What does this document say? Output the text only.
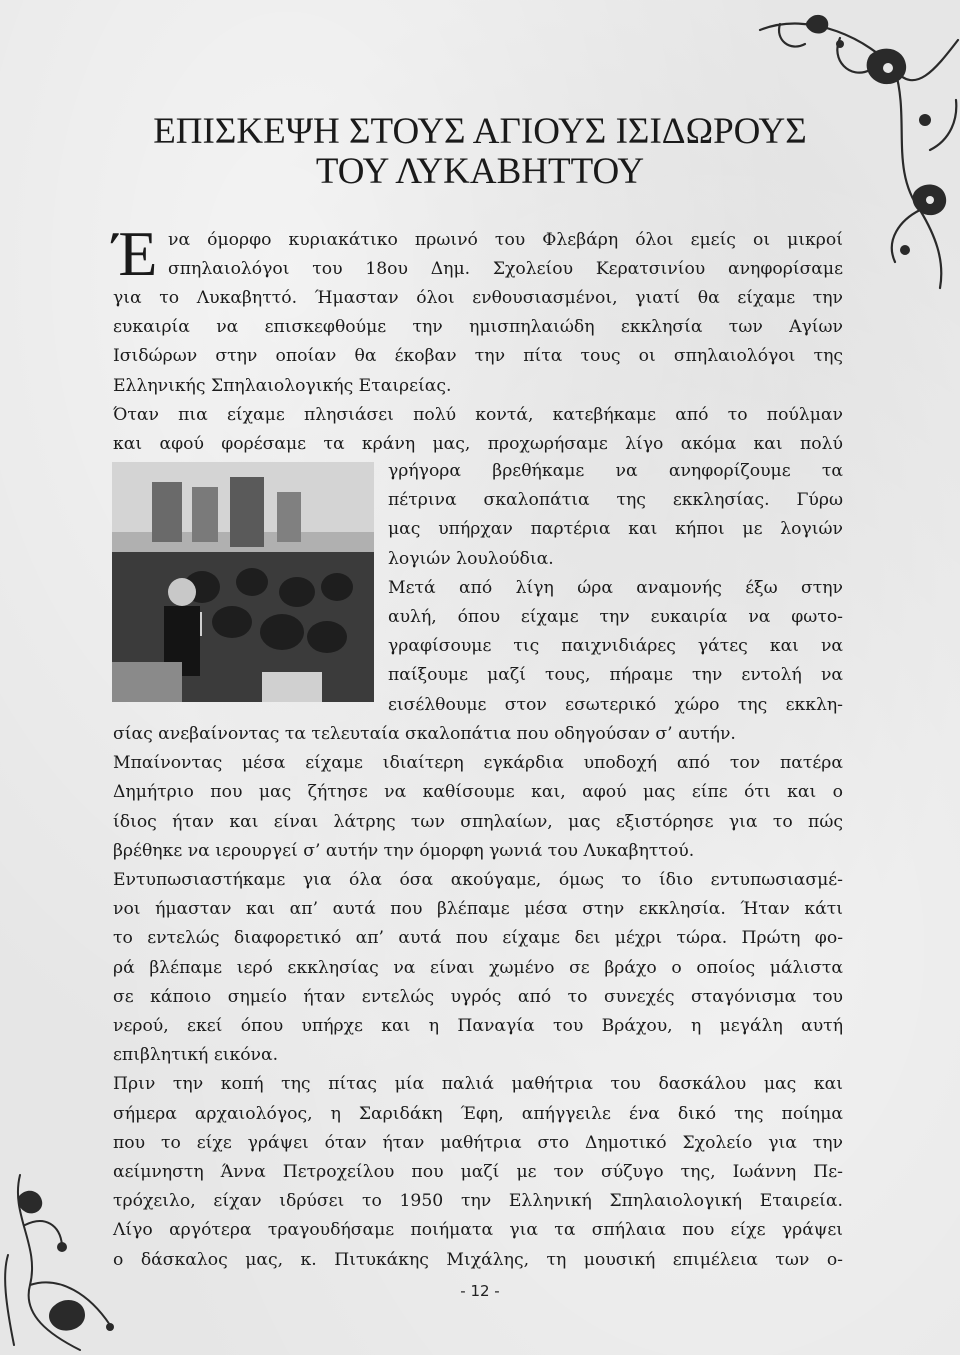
ΕΠΙΣΚΕΨΗ ΣΤΟΥΣ ΑΓΙΟΥΣ ΙΣΙΔΩΡΟΥΣ
ΤΟΥ ΛΥΚΑΒΗΤΤΟΥ
Έ να όμορφο κυριακάτικο πρωινό του Φλεβάρη όλοι εμείς οι μικροί
σπηλαιολόγοι του 18ου Δημ. Σχολείου Κερατσινίου ανηφορίσαμε

για το Λυκαβηττό. Ήμασταν όλοι ενθουσιασμένοι, γιατί θα είχαμε την
ευκαιρία να επισκεφθούμε την ημισπηλαιώδη εκκλησία των Αγίων
Ισιδώρων στην οποίαν θα έκοβαν την πίτα τους οι σπηλαιολόγοι της
Ελληνικής Σπηλαιολογικής Εταιρείας.
Όταν πια είχαμε πλησιάσει πολύ κοντά, κατεβήκαμε από το πούλμαν
και αφού φορέσαμε τα κράνη μας, προχωρήσαμε λίγο ακόμα και πολύ

γρήγορα βρεθήκαμε να ανηφορίζουμε τα
πέτρινα σκαλοπάτια της εκκλησίας. Γύρω
μας υπήρχαν παρτέρια και κήποι με λογιών
λογιών λουλούδια.
Μετά από λίγη ώρα αναμονής έξω στην
αυλή, όπου είχαμε την ευκαιρία να φωτο-
γραφίσουμε τις παιχνιδιάρες γάτες και να
παίξουμε μαζί τους, πήραμε την εντολή να
εισέλθουμε στον εσωτερικό χώρο της εκκλη-

σίας ανεβαίνοντας τα τελευταία σκαλοπάτια που οδηγούσαν σ’ αυτήν.
Μπαίνοντας μέσα είχαμε ιδιαίτερη εγκάρδια υποδοχή από τον πατέρα
Δημήτριο που μας ζήτησε να καθίσουμε και, αφού μας είπε ότι και ο
ίδιος ήταν και είναι λάτρης των σπηλαίων, μας εξιστόρησε για το πώς
βρέθηκε να ιερουργεί σ’ αυτήν την όμορφη γωνιά του Λυκαβηττού.
Εντυπωσιαστήκαμε για όλα όσα ακούγαμε, όμως το ίδιο εντυπωσιασμέ-
νοι ήμασταν και απ’ αυτά που βλέπαμε μέσα στην εκκλησία. Ήταν κάτι
το εντελώς διαφορετικό απ’ αυτά που είχαμε δει μέχρι τώρα. Πρώτη φο-
ρά βλέπαμε ιερό εκκλησίας να είναι χωμένο σε βράχο ο οποίος μάλιστα
σε κάποιο σημείο ήταν εντελώς υγρός από το συνεχές σταγόνισμα του
νερού, εκεί όπου υπήρχε και η Παναγία του Βράχου, η μεγάλη αυτή
επιβλητική εικόνα.
Πριν την κοπή της πίτας μία παλιά μαθήτρια του δασκάλου μας και
σήμερα αρχαιολόγος, η Σαριδάκη Έφη, απήγγειλε ένα δικό της ποίημα
που το είχε γράψει όταν ήταν μαθήτρια στο Δημοτικό Σχολείο για την
αείμνηστη Άννα Πετροχείλου που μαζί με τον σύζυγο της, Ιωάννη Πε-
τρόχειλο, είχαν ιδρύσει το 1950 την Ελληνική Σπηλαιολογική Εταιρεία.
Λίγο αργότερα τραγουδήσαμε ποιήματα για τα σπήλαια που είχε γράψει
ο δάσκαλος μας, κ. Πιτυκάκης Μιχάλης, τη μουσική επιμέλεια των ο-

- 12 -
